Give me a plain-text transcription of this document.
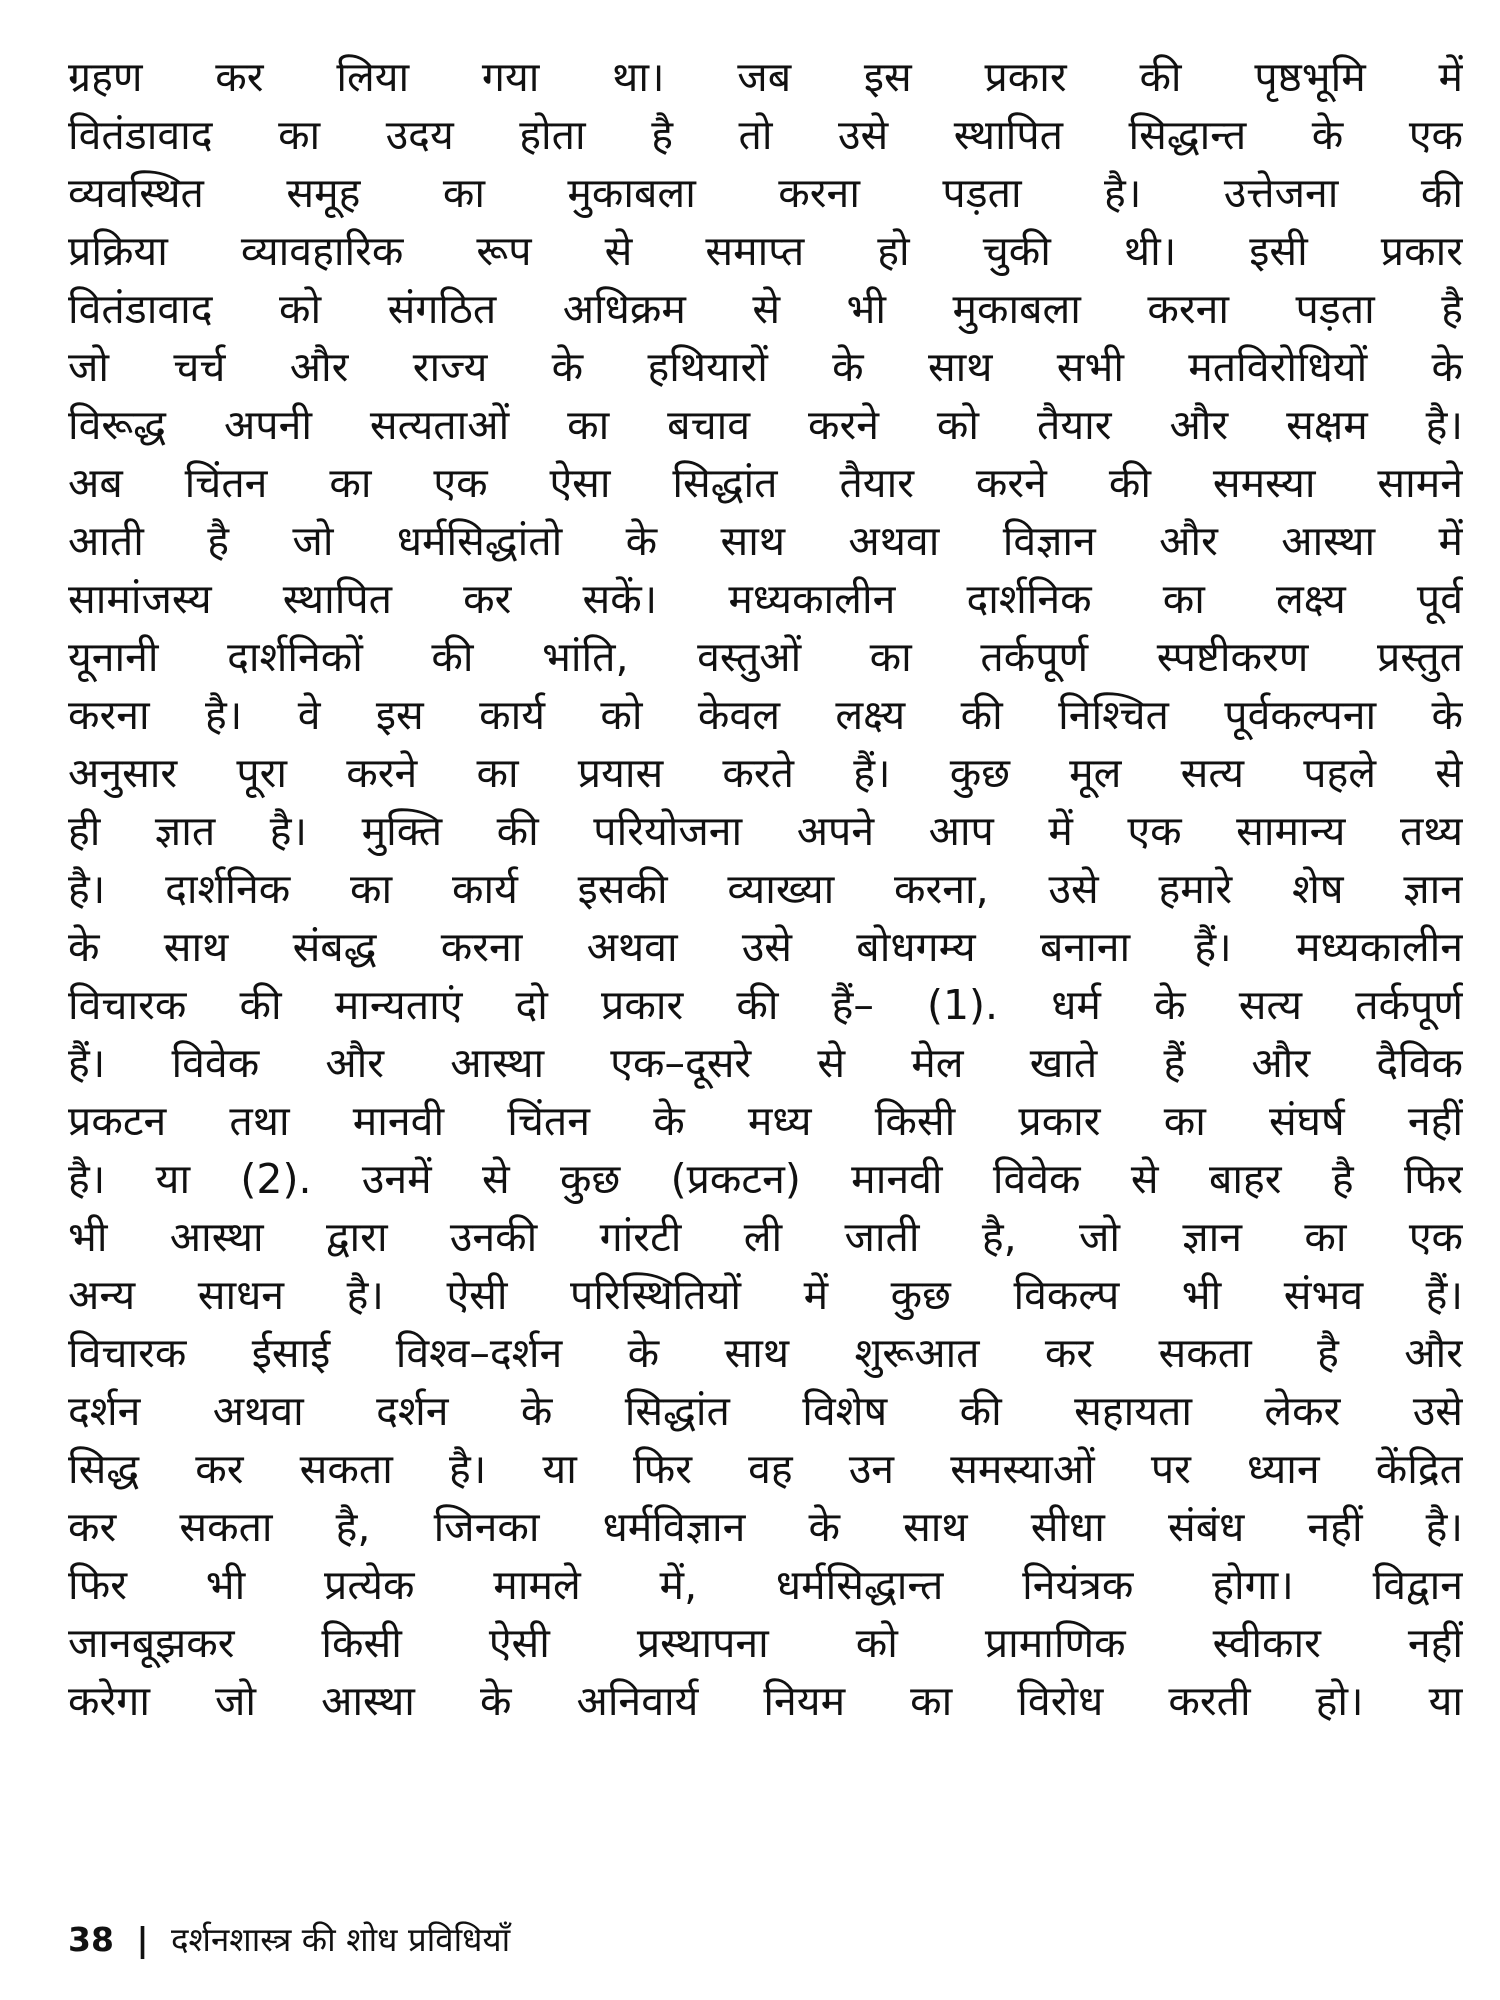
ग्रहण कर लिया गया था। जब इस प्रकार की पृष्ठभूमि में
वितंडावाद का उदय होता है तो उसे स्थापित सिद्धान्त के एक
व्यवस्थित समूह का मुकाबला करना पड़ता है। उत्तेजना की
प्रक्रिया व्यावहारिक रूप से समाप्त हो चुकी थी। इसी प्रकार
वितंडावाद को संगठित अधिक्रम से भी मुकाबला करना पड़ता है
जो चर्च और राज्य के हथियारों के साथ सभी मतविरोधियों के
विरूद्ध अपनी सत्यताओं का बचाव करने को तैयार और सक्षम है।
अब चिंतन का एक ऐसा सिद्धांत तैयार करने की समस्या सामने
आती है जो धर्मसिद्धांतो के साथ अथवा विज्ञान और आस्था में
सामांजस्य स्थापित कर सकें। मध्यकालीन दार्शनिक का लक्ष्य पूर्व
यूनानी दार्शनिकों की भांति, वस्तुओं का तर्कपूर्ण स्पष्टीकरण प्रस्तुत
करना है। वे इस कार्य को केवल लक्ष्य की निश्चित पूर्वकल्पना के
अनुसार पूरा करने का प्रयास करते हैं। कुछ मूल सत्य पहले से
ही ज्ञात है। मुक्ति की परियोजना अपने आप में एक सामान्य तथ्य
है। दार्शनिक का कार्य इसकी व्याख्या करना, उसे हमारे शेष ज्ञान
के साथ संबद्ध करना अथवा उसे बोधगम्य बनाना हैं। मध्यकालीन
विचारक की मान्यताएं दो प्रकार की हैं– (1). धर्म के सत्य तर्कपूर्ण
हैं। विवेक और आस्था एक–दूसरे से मेल खाते हैं और दैविक
प्रकटन तथा मानवी चिंतन के मध्य किसी प्रकार का संघर्ष नहीं
है। या (2). उनमें से कुछ (प्रकटन) मानवी विवेक से बाहर है फिर
भी आस्था द्वारा उनकी गांरटी ली जाती है, जो ज्ञान का एक
अन्य साधन है। ऐसी परिस्थितियों में कुछ विकल्प भी संभव हैं।
विचारक ईसाई विश्व–दर्शन के साथ शुरूआत कर सकता है और
दर्शन अथवा दर्शन के सिद्धांत विशेष की सहायता लेकर उसे
सिद्ध कर सकता है। या फिर वह उन समस्याओं पर ध्यान केंद्रित
कर सकता है, जिनका धर्मविज्ञान के साथ सीधा संबंध नहीं है।
फिर भी प्रत्येक मामले में, धर्मसिद्धान्त नियंत्रक होगा। विद्वान
जानबूझकर किसी ऐसी प्रस्थापना को प्रामाणिक स्वीकार नहीं
करेगा जो आस्था के अनिवार्य नियम का विरोध करती हो। या
38 | दर्शनशास्त्र की शोध प्रविधियाँ
